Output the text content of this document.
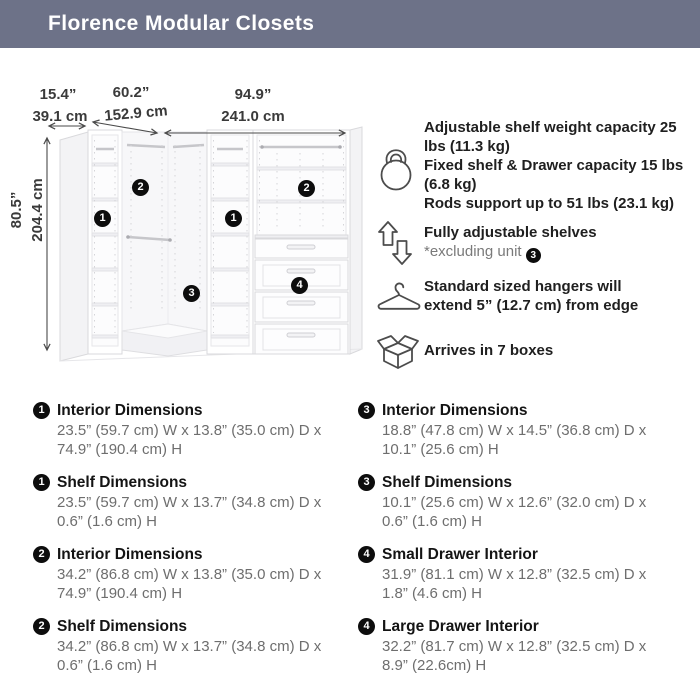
Florence Modular Closets
15.4”
39.1 cm
60.2”
152.9 cm
94.9”
241.0 cm
80.5” 204.4 cm	1
2
1
2
3
4
Adjustable shelf weight capacity 25
lbs (11.3 kg)
Fixed shelf & Drawer capacity 15 lbs
(6.8 kg)
Rods support up to 51 lbs (23.1 kg)
Fully adjustable shelves
*excluding unit 3
Standard sized hangers will
extend 5” (12.7 cm) from edge
Arrives in 7 boxes
1 Interior Dimensions
23.5” (59.7 cm) W x 13.8” (35.0 cm) D x
74.9” (190.4 cm) H
1 Shelf Dimensions
23.5” (59.7 cm) W x 13.7” (34.8 cm) D x
0.6” (1.6 cm) H
2 Interior Dimensions
34.2” (86.8 cm) W x 13.8” (35.0 cm) D x
74.9” (190.4 cm) H
2 Shelf Dimensions
34.2” (86.8 cm) W x 13.7” (34.8 cm) D x
0.6” (1.6 cm) H
3 Interior Dimensions
18.8” (47.8 cm) W x 14.5” (36.8 cm) D x
10.1” (25.6 cm) H
3 Shelf Dimensions
10.1” (25.6 cm) W x 12.6” (32.0 cm) D x
0.6” (1.6 cm) H
4 Small Drawer Interior
31.9” (81.1 cm) W x 12.8” (32.5 cm) D x
1.8” (4.6 cm) H
4 Large Drawer Interior
32.2” (81.7 cm) W x 12.8” (32.5 cm) D x
8.9” (22.6cm) H
